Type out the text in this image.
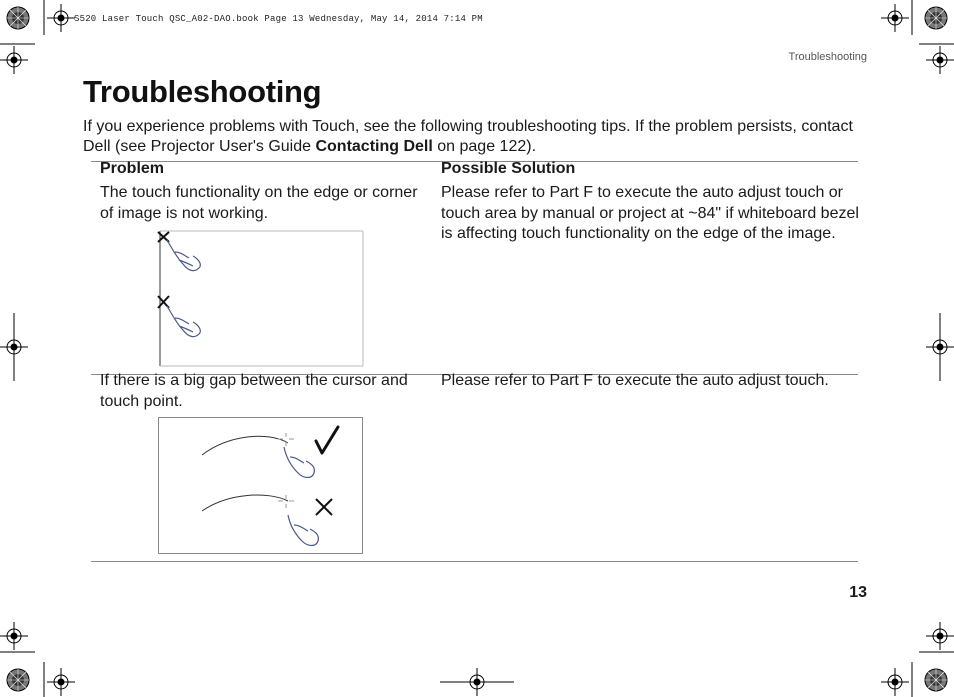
S520 Laser Touch QSC_A02-DAO.book Page 13 Wednesday, May 14, 2014 7:14 PM
Troubleshooting
Troubleshooting
If you experience problems with Touch, see the following troubleshooting tips. If the problem persists, contact Dell (see Projector User's Guide Contacting Dell on page 122).
Problem	Possible Solution
The touch functionality on the edge or corner of image is not working.
Please refer to Part F to execute the auto adjust touch or touch area by manual or project at ~84" if whiteboard bezel is affecting touch functionality on the edge of the image.
If there is a big gap between the cursor and touch point.
Please refer to Part F to execute the auto adjust touch.
13
